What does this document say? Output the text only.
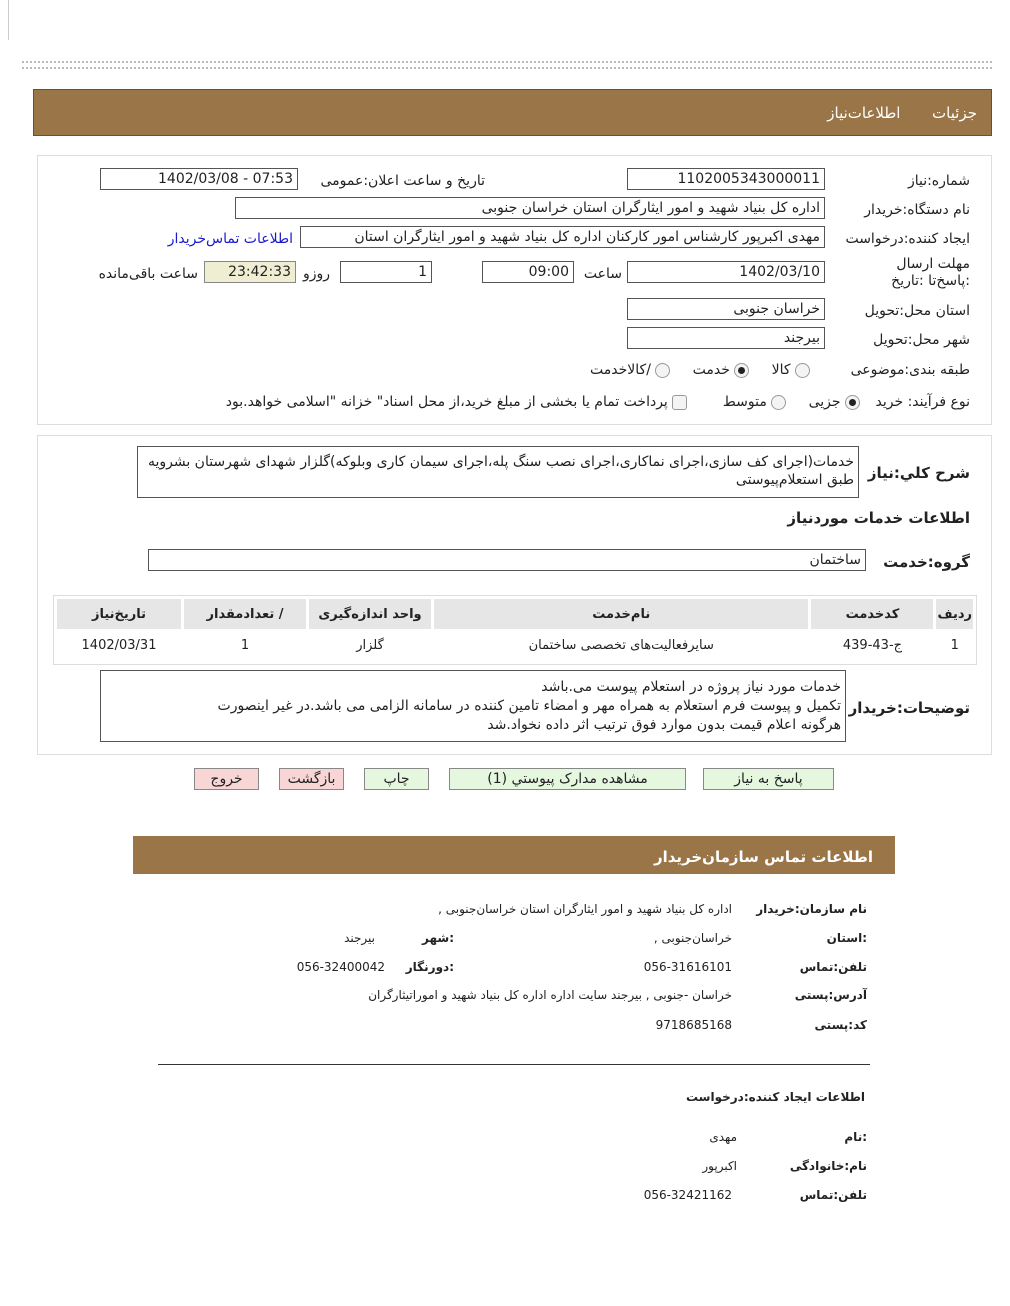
جزئیات  اطلاعات‌نیاز
شماره:نیاز
1102005343000011
تاریخ و ساعت اعلان:عمومی
1402/03/08 - 07:53
نام دستگاه:خریدار
اداره کل بنیاد شهید و امور ایثارگران استان خراسان جنوبی
ایجاد کننده:درخواست
مهدی اکبرپور کارشناس امور کارکنان اداره کل بنیاد شهید و امور ایثارگران استان
اطلاعات تماس‌خریدار
مهلت ارسال :پاسخ‌تا :تاریخ
1402/03/10
ساعت
09:00
1
روزو
23:42:33
ساعت باقی‌مانده
استان محل:تحویل
خراسان جنوبی
شهر محل:تحویل
بیرجند
طبقه بندی:موضوعی
کالا      خدمت      /کالاخدمت
نوع فرآیند: خرید
جزیی      متوسط         پرداخت تمام یا بخشی از مبلغ خرید،از محل اسناد" خزانه "اسلامی خواهد.بود
شرح کلي:نیاز
خدمات(اجرای کف سازی،اجرای نماکاری،اجرای نصب سنگ پله،اجرای سیمان کاری وبلوکه)گلزار شهدای شهرستان بشرویه طبق استعلام‌پیوستی
اطلاعات خدمات موردنیاز
گروه:خدمت
ساختمان
ردیف	کدخدمت	نام‌خدمت	واحد اندازه‌گیری	/ تعدادمقدار	تاریخ‌نیاز
1	ج-43-439	سایرفعالیت‌های تخصصی ساختمان	گلزار	1	1402/03/31
توضیحات:خریدار
خدمات مورد نیاز پروژه در استعلام پیوست می.باشد
تکمیل و پیوست فرم استعلام به همراه مهر و امضاء تامین کننده در سامانه الزامی می باشد.در غیر اینصورت
هرگونه اعلام قیمت بدون موارد فوق ترتیب اثر داده نخواد.شد
پاسخ به نیاز
مشاهده مدارک پیوستي (1)
چاپ
بازگشت
خروج
اطلاعات تماس سازمان‌خریدار
نام سازمان:خریدار
اداره کل بنیاد شهید و امور ایثارگران استان خراسان‌جنوبی ,
:استان
خراسان‌جنوبی ,
:شهر
بیرجند
تلفن:تماس
056-31616101
:دورنگار
056-32400042
آدرس:پستی
خراسان -جنوبی , بیرجند سایت اداره اداره کل بنیاد شهید و اموراتیثارگران
کد:پستی
9718685168
اطلاعات ایجاد کننده:درخواست
:نام
مهدی
نام:خانوادگی
اکبرپور
تلفن:تماس
056-32421162
